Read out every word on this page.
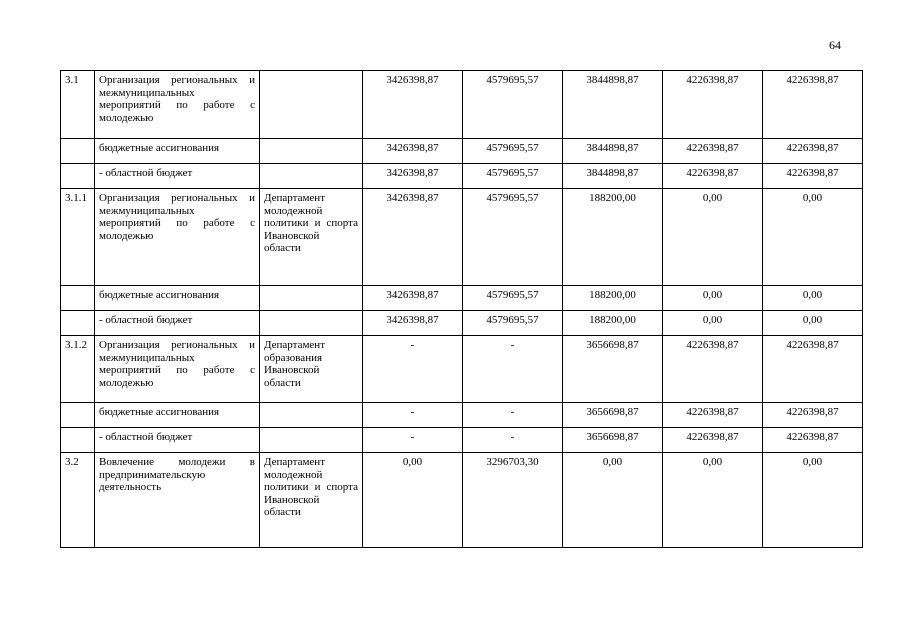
64
3.1	Организация региональных и межмуниципальных мероприятий по работе с молодежью		3426398,87	4579695,57	3844898,87	4226398,87	4226398,87
	бюджетные ассигнования		3426398,87	4579695,57	3844898,87	4226398,87	4226398,87
	- областной бюджет		3426398,87	4579695,57	3844898,87	4226398,87	4226398,87
3.1.1	Организация региональных и межмуниципальных мероприятий по работе с молодежью	Департамент молодежной политики и спорта Ивановской области	3426398,87	4579695,57	188200,00	0,00	0,00
	бюджетные ассигнования		3426398,87	4579695,57	188200,00	0,00	0,00
	- областной бюджет		3426398,87	4579695,57	188200,00	0,00	0,00
3.1.2	Организация региональных и межмуниципальных мероприятий по работе с молодежью	Департамент образования Ивановской области	-	-	3656698,87	4226398,87	4226398,87
	бюджетные ассигнования		-	-	3656698,87	4226398,87	4226398,87
	- областной бюджет		-	-	3656698,87	4226398,87	4226398,87
3.2	Вовлечение молодежи в предпринимательскую деятельность	Департамент молодежной политики и спорта Ивановской области	0,00	3296703,30	0,00	0,00	0,00
